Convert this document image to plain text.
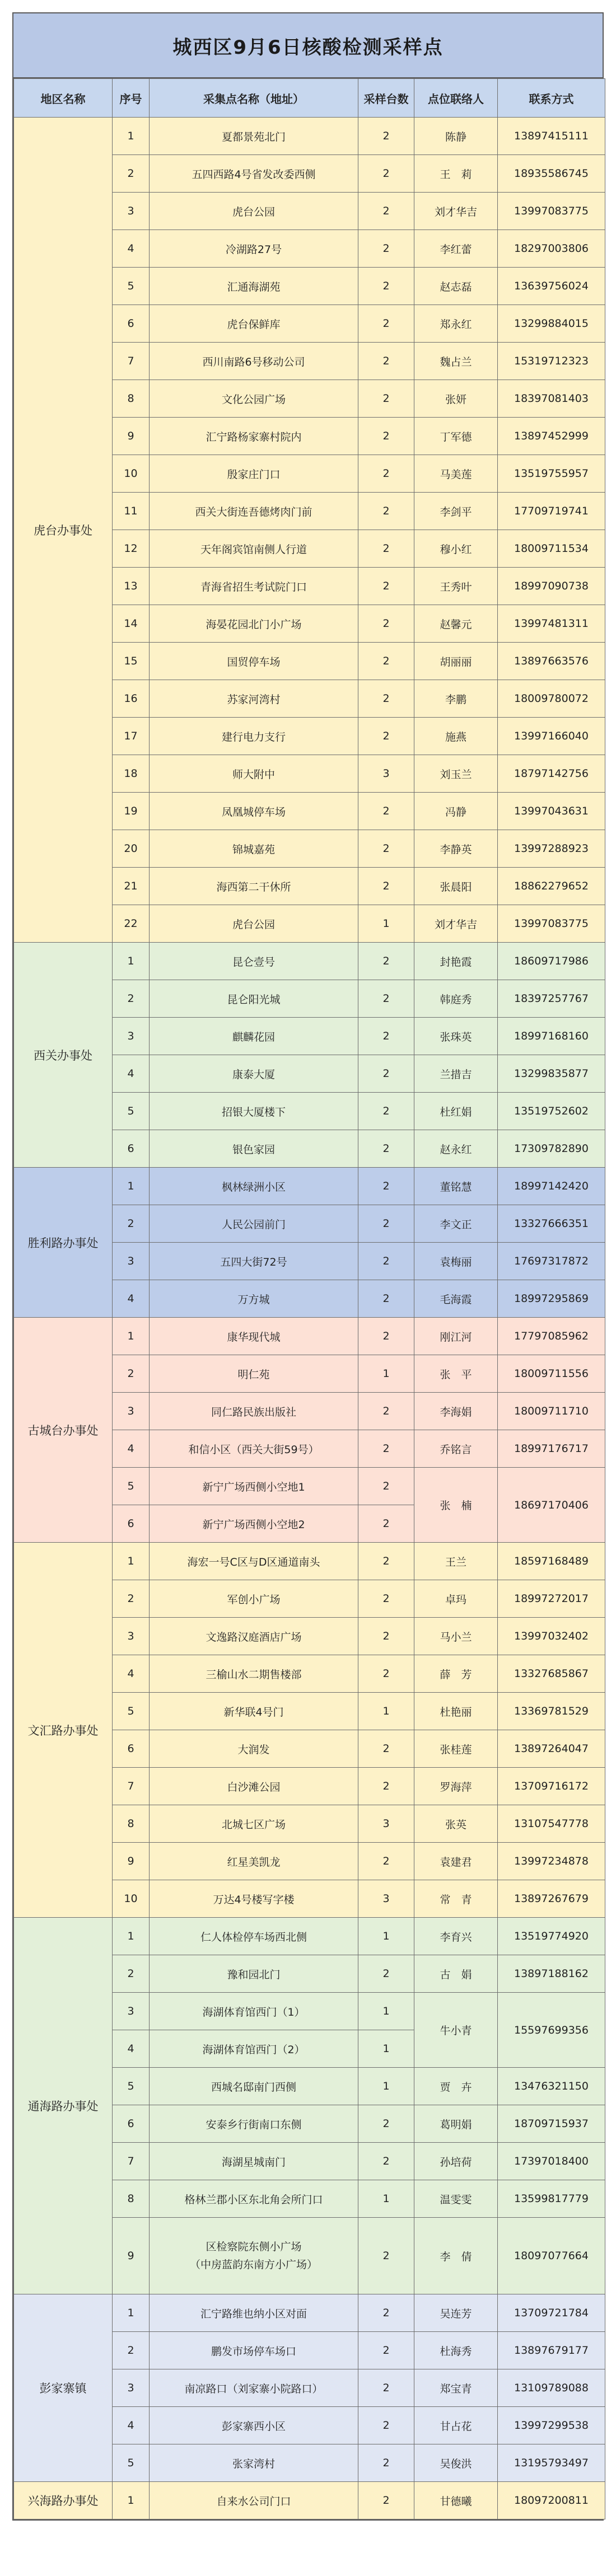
城西区9月6日核酸检测采样点
地区名称	序号	采集点名称（地址）	采样台数	点位联络人	联系方式
虎台办事处	1	夏都景苑北门	2	陈静	13897415111
	2	五四西路4号省发改委西侧	2	王　莉	18935586745
	3	虎台公园	2	刘才华吉	13997083775
	4	冷湖路27号	2	李红蕾	18297003806
	5	汇通海湖苑	2	赵志磊	13639756024
	6	虎台保鲜库	2	郑永红	13299884015
	7	西川南路6号移动公司	2	魏占兰	15319712323
	8	文化公园广场	2	张妍	18397081403
	9	汇宁路杨家寨村院内	2	丁军德	13897452999
	10	殷家庄门口	2	马美莲	13519755957
	11	西关大街连吾德烤肉门前	2	李剑平	17709719741
	12	天年阁宾馆南侧人行道	2	穆小红	18009711534
	13	青海省招生考试院门口	2	王秀叶	18997090738
	14	海晏花园北门小广场	2	赵馨元	13997481311
	15	国贸停车场	2	胡丽丽	13897663576
	16	苏家河湾村	2	李鹏	18009780072
	17	建行电力支行	2	施燕	13997166040
	18	师大附中	3	刘玉兰	18797142756
	19	凤凰城停车场	2	冯静	13997043631
	20	锦城嘉苑	2	李静英	13997288923
	21	海西第二干休所	2	张晨阳	18862279652
	22	虎台公园	1	刘才华吉	13997083775
西关办事处	1	昆仑壹号	2	封艳霞	18609717986
	2	昆仑阳光城	2	韩庭秀	18397257767
	3	麒麟花园	2	张珠英	18997168160
	4	康泰大厦	2	兰措吉	13299835877
	5	招银大厦楼下	2	杜红娟	13519752602
	6	银色家园	2	赵永红	17309782890
胜利路办事处	1	枫林绿洲小区	2	董铭慧	18997142420
	2	人民公园前门	2	李文正	13327666351
	3	五四大街72号	2	袁梅丽	17697317872
	4	万方城	2	毛海霞	18997295869
古城台办事处	1	康华现代城	2	刚江河	17797085962
	2	明仁苑	1	张　平	18009711556
	3	同仁路民族出版社	2	李海娟	18009711710
	4	和信小区（西关大街59号）	2	乔铭言	18997176717
	5	新宁广场西侧小空地1	2	张　楠	18697170406
	6	新宁广场西侧小空地2	2		
文汇路办事处	1	海宏一号C区与D区通道南头	2	王兰	18597168489
	2	军创小广场	2	卓玛	18997272017
	3	文逸路汉庭酒店广场	2	马小兰	13997032402
	4	三榆山水二期售楼部	2	薛　芳	13327685867
	5	新华联4号门	1	杜艳丽	13369781529
	6	大润发	2	张桂莲	13897264047
	7	白沙滩公园	2	罗海萍	13709716172
	8	北城七区广场	3	张英	13107547778
	9	红星美凯龙	2	袁建君	13997234878
	10	万达4号楼写字楼	3	常　青	13897267679
通海路办事处	1	仁人体检停车场西北侧	1	李育兴	13519774920
	2	豫和园北门	2	古　娟	13897188162
	3	海湖体育馆西门（1）	1	牛小青	15597699356
	4	海湖体育馆西门（2）	1		
	5	西城名邸南门西侧	1	贾　卉	13476321150
	6	安泰乡行街南口东侧	2	葛明娟	18709715937
	7	海湖星城南门	2	孙培荷	17397018400
	8	格林兰郡小区东北角会所门口	1	温雯雯	13599817779
	9	区检察院东侧小广场
（中房蓝韵东南方小广场）	2	李　倩	18097077664
彭家寨镇	1	汇宁路维也纳小区对面	2	吴连芳	13709721784
	2	鹏发市场停车场口	2	杜海秀	13897679177
	3	南凉路口（刘家寨小院路口）	2	郑宝青	13109789088
	4	彭家寨西小区	2	甘占花	13997299538
	5	张家湾村	2	吴俊洪	13195793497
兴海路办事处	1	自来水公司门口	2	甘德曦	18097200811
